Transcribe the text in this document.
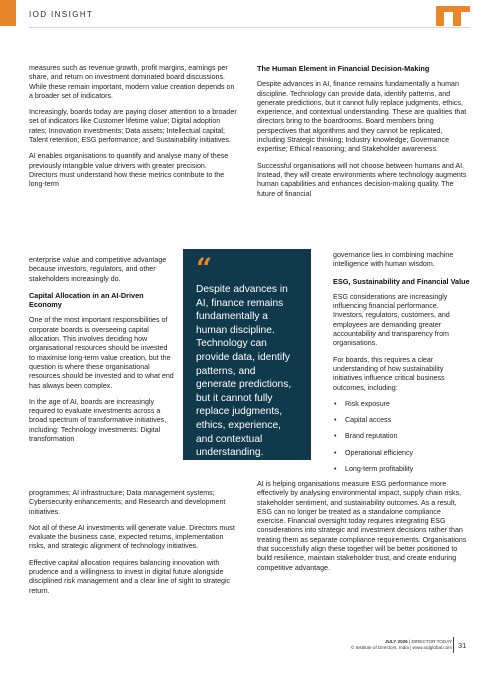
IOD INSIGHT

measures such as revenue growth, profit margins, earnings per share, and return on investment dominated board discussions. While these remain important, modern value creation depends on a broader set of indicators.

Increasingly, boards today are paying closer attention to a broader set of indicators like Customer lifetime value; Digital adoption rates; Innovation investments; Data assets; Intellectual capital; Talent retention; ESG performance; and Sustainability initiatives.

AI enables organisations to quantify and analyse many of these previously intangible value drivers with greater precision. Directors must understand how these metrics contribute to the long-term

enterprise value and competitive advantage because investors, regulators, and other stakeholders increasingly do.

Capital Allocation in an AI-Driven Economy

One of the most important responsibilities of corporate boards is overseeing capital allocation. This involves deciding how organisational resources should be invested to maximise long-term value creation, but the question is where these organisational resources should be invested and to what end has always been complex.

In the age of AI, boards are increasingly required to evaluate investments across a broad spectrum of transformative initiatives, including: Technology investments: Digital transformation

programmes; AI infrastructure; Data management systems; Cybersecurity enhancements; and Research and development initiatives.

Not all of these AI investments will generate value. Directors must evaluate the business case, expected returns, implementation risks, and strategic alignment of technology initiatives.

Effective capital allocation requires balancing innovation with prudence and a willingness to invest in digital future alongside disciplined risk management and a clear line of sight to strategic return.

“
Despite advances in AI, finance remains fundamentally a human discipline. Technology can provide data, identify patterns, and generate predictions, but it cannot fully replace judgments, ethics, experience, and contextual understanding.
The Human Element in Financial Decision-Making

Despite advances in AI, finance remains fundamentally a human discipline. Technology can provide data, identify patterns, and generate predictions, but it cannot fully replace judgments, ethics, experience, and contextual understanding. These are qualities that directors bring to the boardrooms. Board members bring perspectives that algorithms and they cannot be replicated, including Strategic thinking; Industry knowledge; Governance expertise; Ethical reasoning; and Stakeholder awareness.

Successful organisations will not choose between humans and AI. Instead, they will create environments where technology augments human capabilities and enhances decision-making quality. The future of financial

governance lies in combining machine intelligence with human wisdom.

ESG, Sustainability and Financial Value

ESG considerations are increasingly influencing financial performance. Investors, regulators, customers, and employees are demanding greater accountability and transparency from organisations.

For boards, this requires a clear understanding of how sustainability initiatives influence critical business outcomes, including:

• Risk exposure
• Capital access
• Brand reputation
• Operational efficiency
• Long-term profitability

AI is helping organisations measure ESG performance more effectively by analysing environmental impact, supply chain risks, stakeholder sentiment, and sustainability outcomes. As a result, ESG can no longer be treated as a standalone compliance exercise. Financial oversight today requires integrating ESG considerations into strategic and investment decisions rather than treating them as separate compliance requirements. Organisations that successfully align these together will be better positioned to build resilience, maintain stakeholder trust, and create enduring competitive advantage.

JULY 2026 | DIRECTOR TODAY
© Institute of Directors, India | www.iodglobal.com 31
